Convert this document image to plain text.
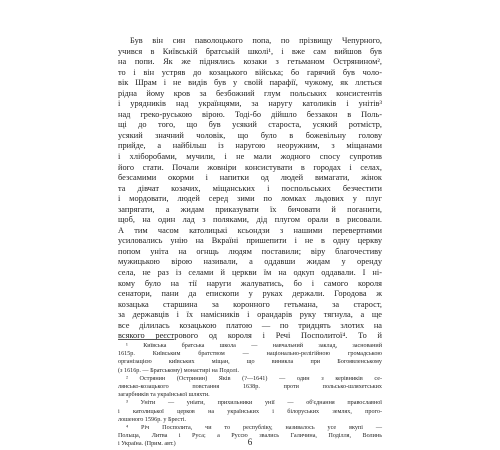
Був він син паволоцького попа, по прізвищу Чепурного,
учився в Київській братській школі¹, і вже сам вийшов був
на попи. Як же піднялись козаки з гетьманом Острянином²,
то і він устряв до козацького війська; бо гарячий був чоло-
вік Шрам і не видів був у своїй парафії, чужому, як ллється
рідна йому кров за безбожний глум польських консистентів
і урядників над українцями, за наругу католиків і унітів³
над греко-руською вірою. Тоді-бо дійшло беззакон в Поль-
щі до того, що був усякий староста, усякий ротмістр,
усякий значний чоловік, що було в божевільну голову
прийде, а найбільш із наругою неоружним, з міщанами
і хліборобами, мучили, і не мали жодного спосу супротив
його стати. Почали жовніри консистувати в городах і селах,
безсамими окорми і напитки од людей вимагати, жінок
та дівчат козачих, міщанських і поспольських безчестити
і мордовати, людей серед зими по ломках льдових у плуг
запрягати, а жидам приказувати їх бичовати й поганити,
щоб, на один лад з поляками, дід плугом орали в рисовали.
А тим часом католицькі ксьондзи з нашими перевертнями
усиловались унію на Вкраїні пришепити і не в одну церкву
попом уніта на огнщь людям поставили; віру благочестиву
мужицькою вірою називали, а оддавши жидам у оренду
села, не раз із селами й церкви їм на одкуп оддавали. І ні-
кому було на тії наруги жалуватись, бо і самого короля
сенатори, пани да епископи у руках держали. Городова ж
козацька старшина за коронного гетьмана, за старост,
за державців і їх намісників і орандарів руку тягнула, а ще
все ділилась козацькою платою — по тридцять злотих на
всякого реєстрового од короля і Речі Посполитої⁴. То й
¹ Київська братська школа — навчальний заклад, заснований
1615р. Київським братством — національно-релігійною громадською
організацією київських міщан, що виникла при Богоявленському
(з 1616р. — Братському) монастирі на Подолі.
² Острянин (Остринин) Яків (?—1641) — один з керівників се-
лянсько-козацького повстання 1638р. проти польсько-шляхетських
загарбників та української шляхти.
³ Уніти — уніати, прихильники унії — об'єднання православної
і католицької церков на українських і білоруських землях, прого-
лошеного 1596р. у Бресті.
⁴ Річ Посполита, чи то республіку, називалось усе вкупі —
Польща, Литва і Руса; а Руссю звались Галичина, Поділля, Волинь
і Україна. (Прим. авт.)	6
